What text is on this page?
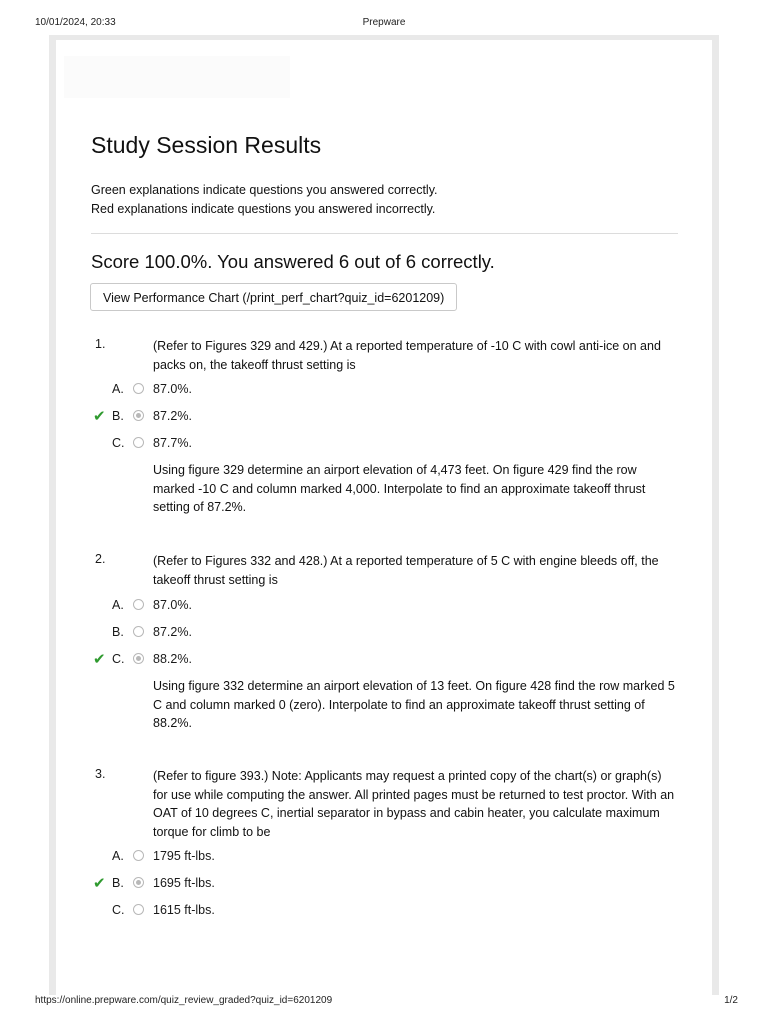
10/01/2024, 20:33	Prepware
Study Session Results
Green explanations indicate questions you answered correctly.
Red explanations indicate questions you answered incorrectly.
Score 100.0%. You answered 6 out of 6 correctly.
View Performance Chart (/print_perf_chart?quiz_id=6201209)
1.	(Refer to Figures 329 and 429.) At a reported temperature of -10 C with cowl anti-ice on and packs on, the takeoff thrust setting is
A. 87.0%.
✔ B. 87.2%.
C. 87.7%.
Using figure 329 determine an airport elevation of 4,473 feet. On figure 429 find the row marked -10 C and column marked 4,000. Interpolate to find an approximate takeoff thrust setting of 87.2%.
2.	(Refer to Figures 332 and 428.) At a reported temperature of 5 C with engine bleeds off, the takeoff thrust setting is
A. 87.0%.
B. 87.2%.
✔ C. 88.2%.
Using figure 332 determine an airport elevation of 13 feet. On figure 428 find the row marked 5 C and column marked 0 (zero). Interpolate to find an approximate takeoff thrust setting of 88.2%.
3.	(Refer to figure 393.) Note: Applicants may request a printed copy of the chart(s) or graph(s) for use while computing the answer. All printed pages must be returned to test proctor. With an OAT of 10 degrees C, inertial separator in bypass and cabin heater, you calculate maximum torque for climb to be
A. 1795 ft-lbs.
✔ B. 1695 ft-lbs.
C. 1615 ft-lbs.
https://online.prepware.com/quiz_review_graded?quiz_id=6201209	1/2
